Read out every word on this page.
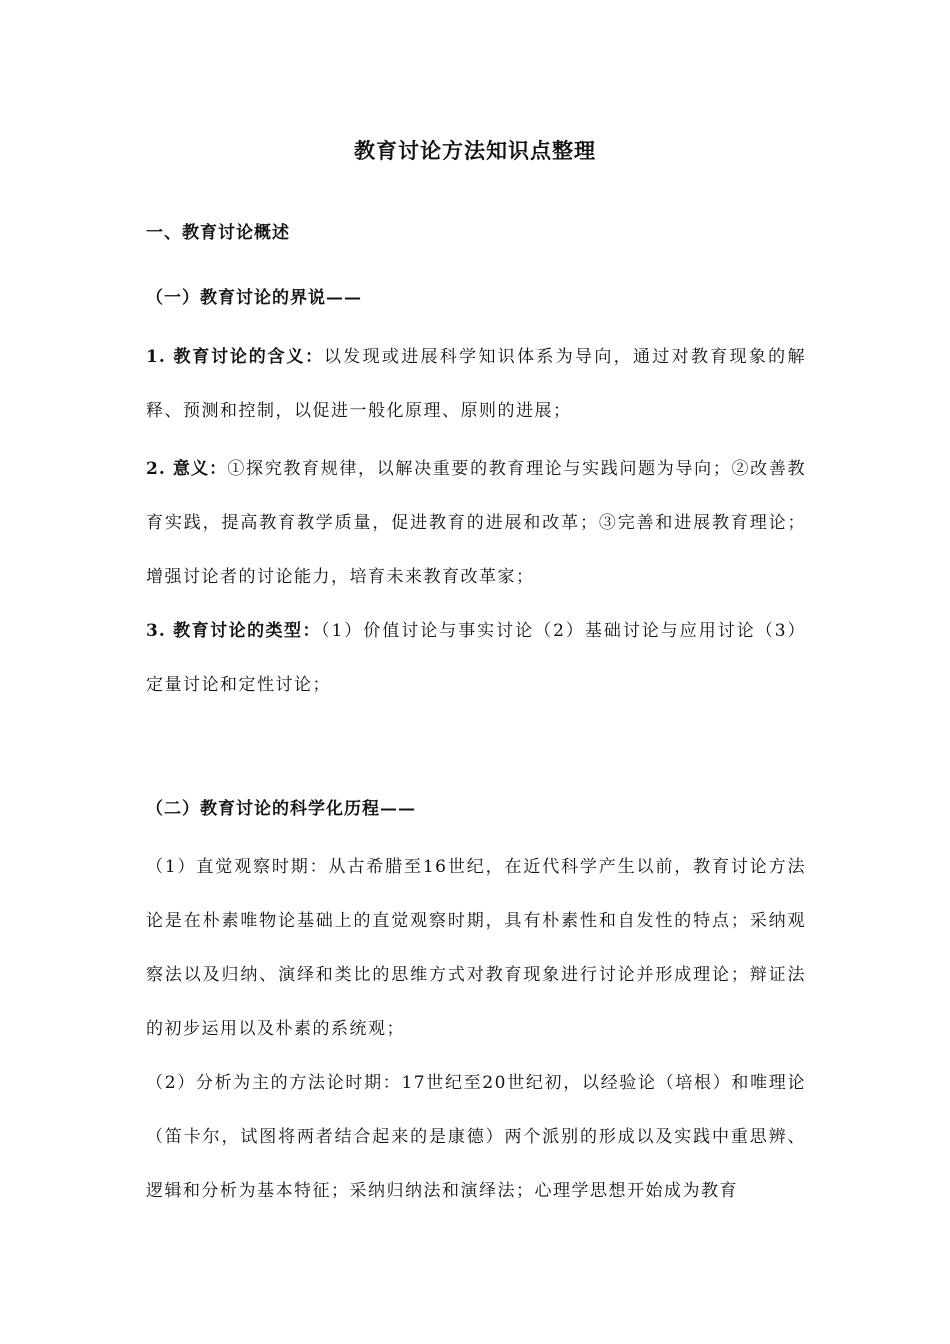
教育讨论方法知识点整理
一、教育讨论概述
（一）教育讨论的界说——

1. 教育讨论的含义：以发现或进展科学知识体系为导向，通过对教育现象的解释、预测和控制，以促进一般化原理、原则的进展；

2. 意义：①探究教育规律，以解决重要的教育理论与实践问题为导向；②改善教育实践，提高教育教学质量，促进教育的进展和改革；③完善和进展教育理论；增强讨论者的讨论能力，培育未来教育改革家；

3. 教育讨论的类型：（1）价值讨论与事实讨论（2）基础讨论与应用讨论（3）定量讨论和定性讨论；

（二）教育讨论的科学化历程——

（1）直觉观察时期：从古希腊至16世纪，在近代科学产生以前，教育讨论方法论是在朴素唯物论基础上的直觉观察时期，具有朴素性和自发性的特点；采纳观察法以及归纳、演绎和类比的思维方式对教育现象进行讨论并形成理论；辩证法的初步运用以及朴素的系统观；

（2）分析为主的方法论时期：17世纪至20世纪初，以经验论（培根）和唯理论（笛卡尔，试图将两者结合起来的是康德）两个派别的形成以及实践中重思辨、逻辑和分析为基本特征；采纳归纳法和演绎法；心理学思想开始成为教育
